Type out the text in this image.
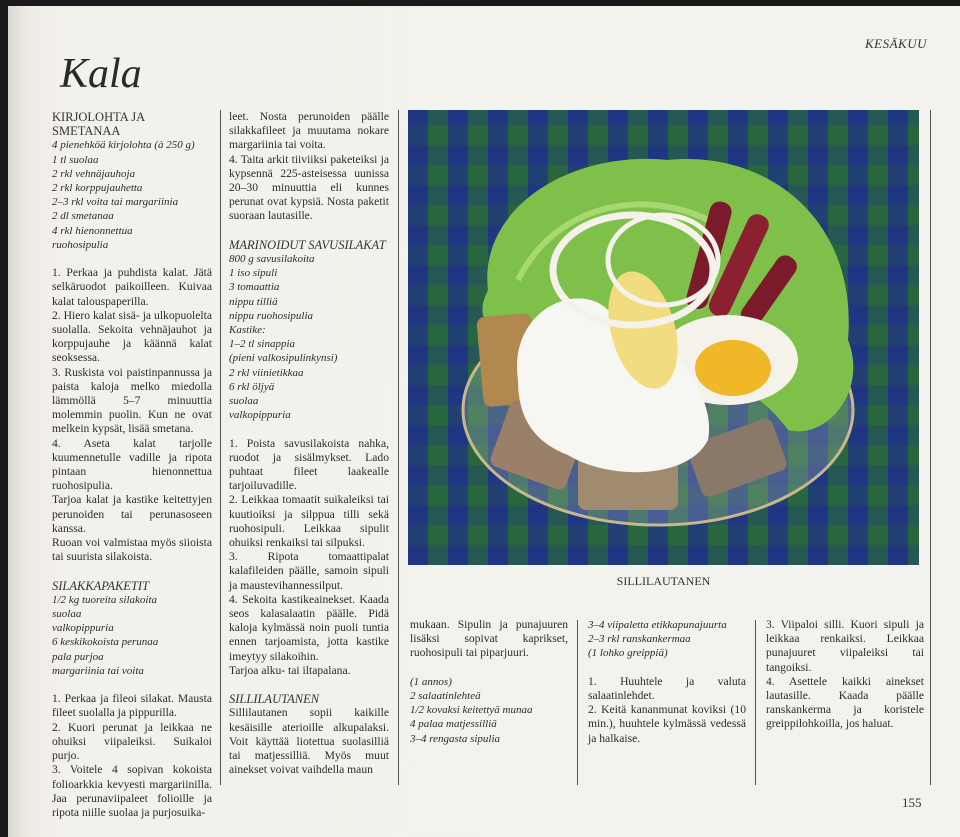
KESÄKUU
Kala
KIRJOLOHTA JA SMETANAA
4 pienehköä kirjolohta (à 250 g)
1 tl suolaa
2 rkl vehnäjauhoja
2 rkl korppujauhetta
2–3 rkl voita tai margariinia
2 dl smetanaa
4 rkl hienonnettua
ruohosipulia

1. Perkaa ja puhdista kalat. Jätä selkäruodot paikoilleen. Kuivaa kalat talouspaperilla.

2. Hiero kalat sisä- ja ulkopuolelta suolalla. Sekoita vehnäjauhot ja korppujauhe ja käännä kalat seoksessa.

3. Ruskista voi paistinpannussa ja paista kaloja melko miedolla lämmöllä 5–7 minuuttia molemmin puolin. Kun ne ovat melkein kypsät, lisää smetana.

4. Aseta kalat tarjolle kuumennetulle vadille ja ripota pintaan hienonnettua ruohosipulia.

Tarjoa kalat ja kastike keitettyjen perunoiden tai perunasoseen kanssa.

Ruoan voi valmistaa myös siioista tai suurista silakoista.

SILAKKAPAKETIT
1/2 kg tuoreita silakoita
suolaa
valkopippuria
6 keskikokoista perunaa
pala purjoa
margariinia tai voita

1. Perkaa ja fileoi silakat. Mausta fileet suolalla ja pippurilla.

2. Kuori perunat ja leikkaa ne ohuiksi viipaleiksi. Suikaloi purjo.

3. Voitele 4 sopivan kokoista folioarkkia kevyesti margariinilla. Jaa perunaviipaleet folioille ja ripota niille suolaa ja purjosuika-

leet. Nosta perunoiden päälle silakkafileet ja muutama nokare margariinia tai voita.

4. Taita arkit tiiviiksi paketeiksi ja kypsennä 225-asteisessa uunissa 20–30 minuuttia eli kunnes perunat ovat kypsiä. Nosta paketit suoraan lautasille.

MARINOIDUT SAVUSILAKAT
800 g savusilakoita
1 iso sipuli
3 tomaattia
nippu tilliä
nippu ruohosipulia
Kastike:
1–2 tl sinappia
(pieni valkosipulinkynsi)
2 rkl viinietikkaa
6 rkl öljyä
suolaa
valkopippuria

1. Poista savusilakoista nahka, ruodot ja sisälmykset. Lado puhtaat fileet laakealle tarjoiluvadille.

2. Leikkaa tomaatit suikaleiksi tai kuutioiksi ja silppua tilli sekä ruohosipuli. Leikkaa sipulit ohuiksi renkaiksi tai silpuksi.

3. Ripota tomaattipalat kalafileiden päälle, samoin sipuli ja maustevihannessilput.

4. Sekoita kastikeainekset. Kaada seos kalasalaatin päälle. Pidä kaloja kylmässä noin puoli tuntia ennen tarjoamista, jotta kastike imeytyy silakoihin.

Tarjoa alku- tai iltapalana.

SILLILAUTANEN

Sillilautanen sopii kaikille kesäisille aterioille alkupalaksi. Voit käyttää liotettua suolasilliä tai matjessilliä. Myös muut ainekset voivat vaihdella maun

mukaan. Sipulin ja punajuuren lisäksi sopivat kaprikset, ruohosipuli tai piparjuuri.

(1 annos)
2 salaatinlehteä
1/2 kovaksi keitettyä munaa
4 palaa matjessilliä
3–4 rengasta sipulia
3–4 viipaletta etikkapunajuurta
2–3 rkl ranskankermaa
(1 lohko greippiä)

1. Huuhtele ja valuta salaatinlehdet.

2. Keitä kananmunat koviksi (10 min.), huuhtele kylmässä vedessä ja halkaise.

3. Viipaloi silli. Kuori sipuli ja leikkaa renkaiksi. Leikkaa punajuuret viipaleiksi tai tangoiksi.

4. Asettele kaikki ainekset lautasille. Kaada päälle ranskankerma ja koristele greippilohkoilla, jos haluat.

SILLILAUTANEN
155
